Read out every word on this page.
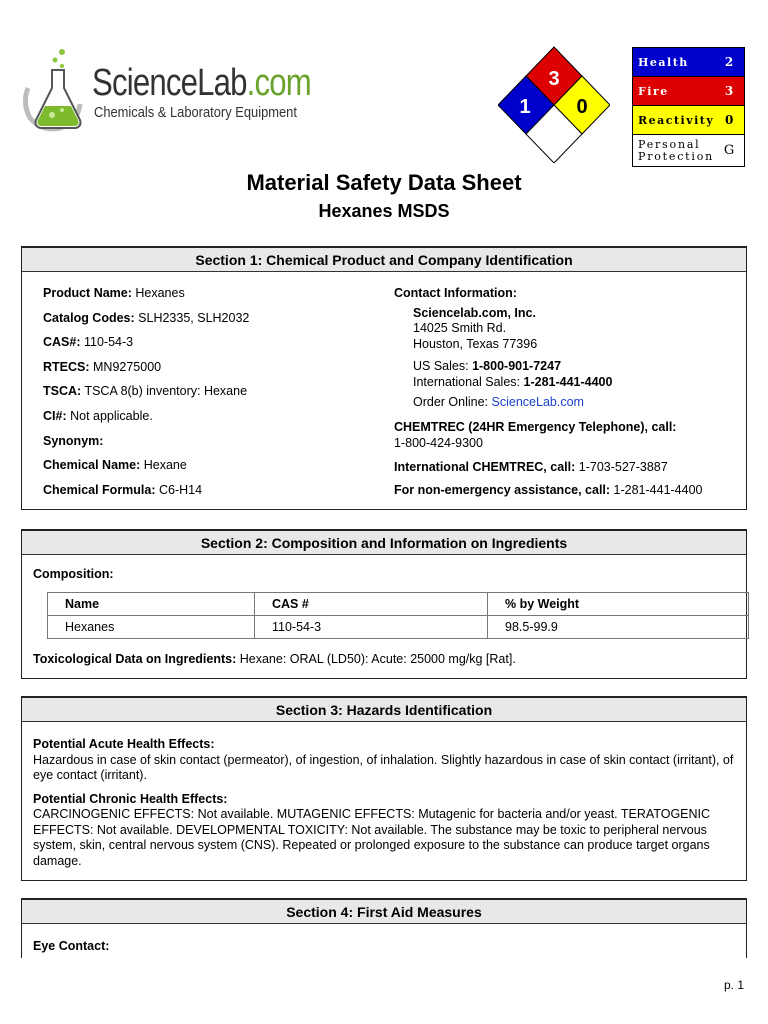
ScienceLab.com
Chemicals & Laboratory Equipment
3
1 0
Health	2
Fire	3
Reactivity 0
Personal
Protection G
Material Safety Data Sheet
Hexanes MSDS
Section 1: Chemical Product and Company Identification
Product Name: Hexanes
Catalog Codes: SLH2335, SLH2032
CAS#: 110-54-3
RTECS: MN9275000
TSCA: TSCA 8(b) inventory: Hexane
CI#: Not applicable.
Synonym:
Chemical Name: Hexane
Chemical Formula: C6-H14
Contact Information:
Sciencelab.com, Inc.
14025 Smith Rd.
Houston, Texas 77396
US Sales: 1-800-901-7247
International Sales: 1-281-441-4400
Order Online: ScienceLab.com
CHEMTREC (24HR Emergency Telephone), call:
1-800-424-9300
International CHEMTREC, call: 1-703-527-3887
For non-emergency assistance, call: 1-281-441-4400
Section 2: Composition and Information on Ingredients
Composition:
Name	CAS #	% by Weight
Hexanes	110-54-3	98.5-99.9
Toxicological Data on Ingredients: Hexane: ORAL (LD50): Acute: 25000 mg/kg [Rat].
Section 3: Hazards Identification
Potential Acute Health Effects:
Hazardous in case of skin contact (permeator), of ingestion, of inhalation. Slightly hazardous in case of skin contact (irritant), of eye contact (irritant).
Potential Chronic Health Effects:
CARCINOGENIC EFFECTS: Not available. MUTAGENIC EFFECTS: Mutagenic for bacteria and/or yeast. TERATOGENIC EFFECTS: Not available. DEVELOPMENTAL TOXICITY: Not available. The substance may be toxic to peripheral nervous system, skin, central nervous system (CNS). Repeated or prolonged exposure to the substance can produce target organs damage.
Section 4: First Aid Measures
Eye Contact:
p. 1
